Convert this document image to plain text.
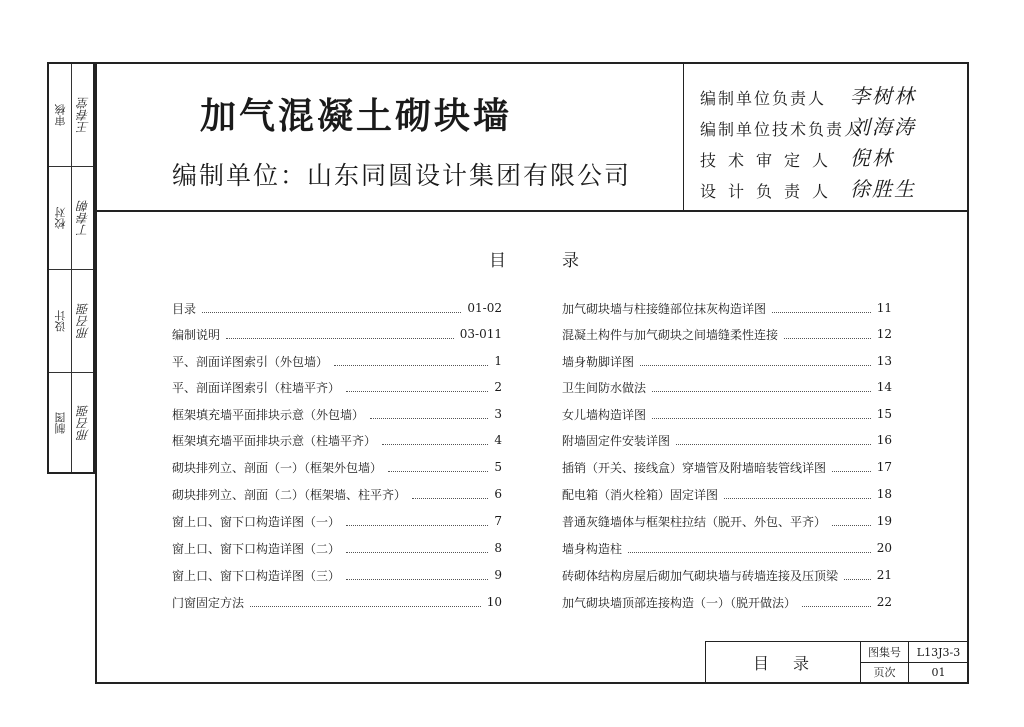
审核 王春堂
校对 丁春朝
设计 邢召强
制图 邢召强
加气混凝土砌块墙
编制单位：山东同圆设计集团有限公司
编制单位负责人 李树林
编制单位技术负责人
刘海涛
技术审定人 倪林
设计负责人 徐胜生
目	录
目录	01-02
编制说明	03-011
平、剖面详图索引（外包墙）	1
平、剖面详图索引（柱墙平齐）	2
框架填充墙平面排块示意（外包墙）	3
框架填充墙平面排块示意（柱墙平齐）	4
砌块排列立、剖面（一）（框架外包墙）	5
砌块排列立、剖面（二）（框架墙、柱平齐）	6
窗上口、窗下口构造详图（一）	7
窗上口、窗下口构造详图（二）	8
窗上口、窗下口构造详图（三）	9
门窗固定方法	10
加气砌块墙与柱接缝部位抹灰构造详图	11
混凝土构件与加气砌块之间墙缝柔性连接	12
墙身勒脚详图	13
卫生间防水做法	14
女儿墙构造详图	15
附墙固定件安装详图	16
插销（开关、接线盒）穿墙管及附墙暗装管线详图	17
配电箱（消火栓箱）固定详图	18
普通灰缝墙体与框架柱拉结（脱开、外包、平齐）	19
墙身构造柱	20
砖砌体结构房屋后砌加气砌块墙与砖墙连接及压顶梁	21
加气砌块墙顶部连接构造（一）（脱开做法）	22
目　录
图集号	L13J3-3
页次	01
